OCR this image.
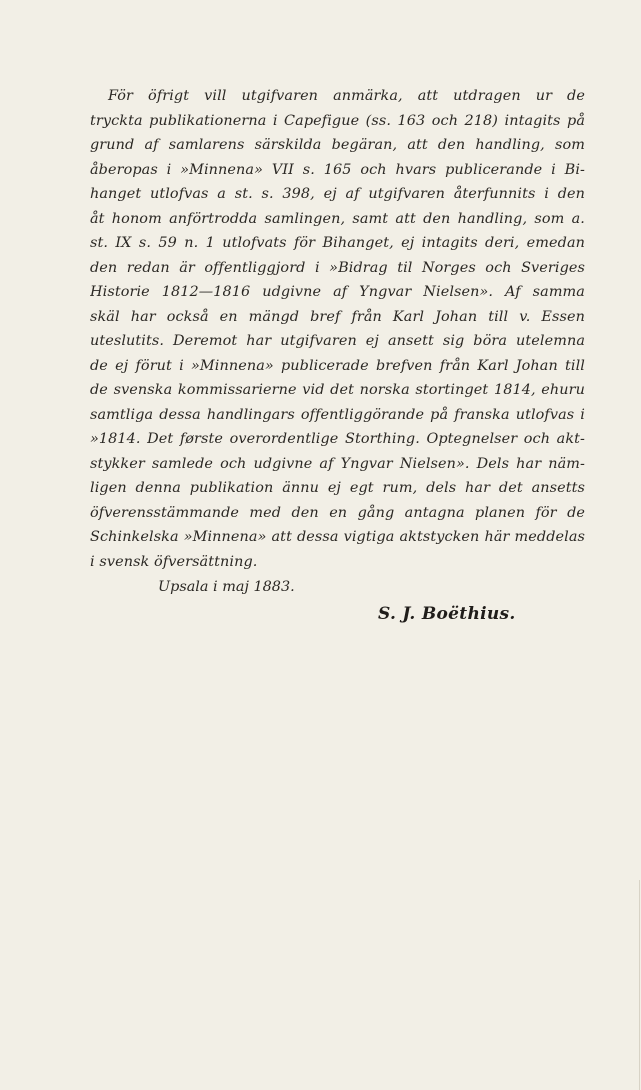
För öfrigt vill utgifvaren anmärka, att utdragen ur de
tryckta publikationerna i Capefigue (ss. 163 och 218) intagits på
grund af samlarens särskilda begäran, att den handling, som
åberopas i »Minnena» VII s. 165 och hvars publicerande i Bi-
hanget utlofvas a st. s. 398, ej af utgifvaren återfunnits i den
åt honom anförtrodda samlingen, samt att den handling, som a.
st. IX s. 59 n. 1 utlofvats för Bihanget, ej intagits deri, emedan
den redan är offentliggjord i »Bidrag til Norges och Sveriges
Historie 1812—1816 udgivne af Yngvar Nielsen». Af samma
skäl har också en mängd bref från Karl Johan till v. Essen
uteslutits. Deremot har utgifvaren ej ansett sig böra utelemna
de ej förut i »Minnena» publicerade brefven från Karl Johan till
de svenska kommissarierne vid det norska stortinget 1814, ehuru
samtliga dessa handlingars offentliggörande på franska utlofvas i
»1814. Det første overordentlige Storthing. Optegnelser och akt-
stykker samlede och udgivne af Yngvar Nielsen». Dels har näm-
ligen denna publikation ännu ej egt rum, dels har det ansetts
öfverensstämmande med den en gång antagna planen för de
Schinkelska »Minnena» att dessa vigtiga aktstycken här meddelas
i svensk öfversättning.
Upsala i maj 1883.
S. J. Boëthius.
